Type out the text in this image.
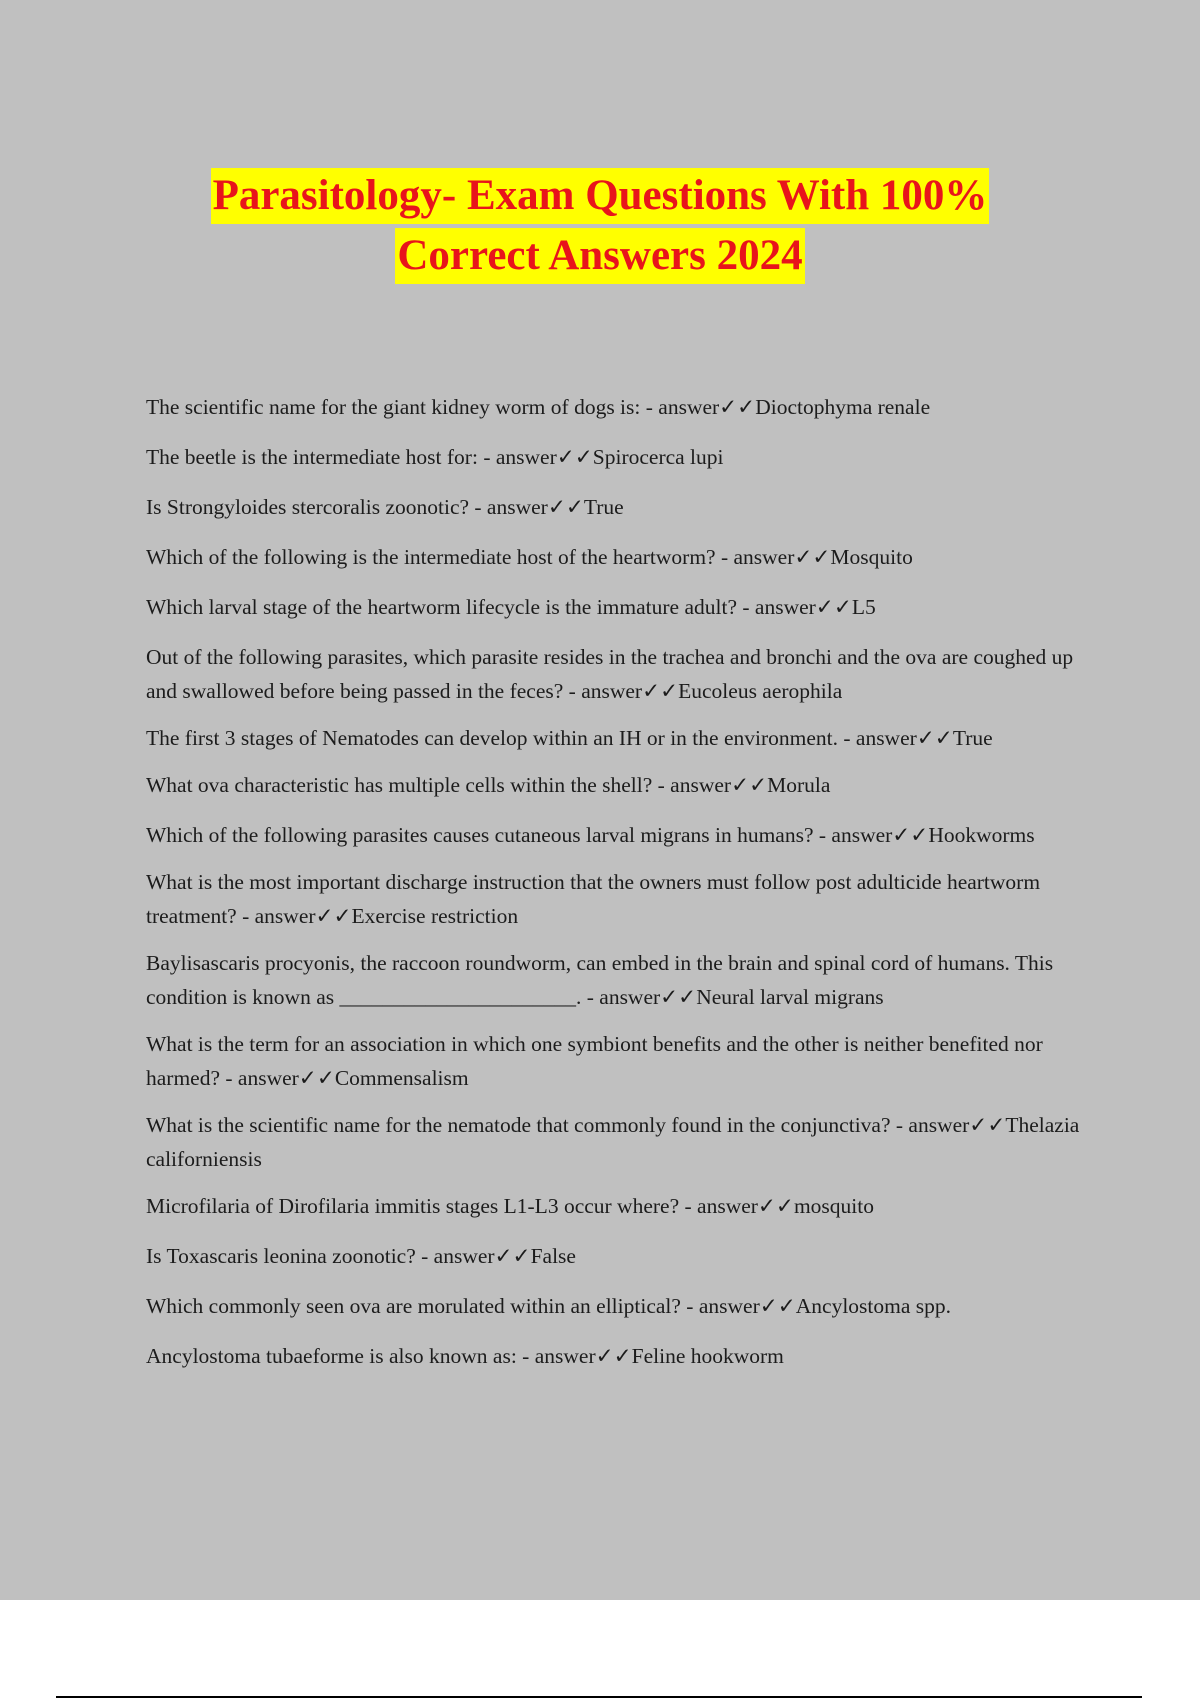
Parasitology- Exam Questions With 100%
Correct Answers 2024
The scientific name for the giant kidney worm of dogs is: - answer✓✓Dioctophyma renale
The beetle is the intermediate host for: - answer✓✓Spirocerca lupi
Is Strongyloides stercoralis zoonotic? - answer✓✓True
Which of the following is the intermediate host of the heartworm? - answer✓✓Mosquito
Which larval stage of the heartworm lifecycle is the immature adult? - answer✓✓L5
Out of the following parasites, which parasite resides in the trachea and bronchi and the ova are coughed up and swallowed before being passed in the feces? - answer✓✓Eucoleus aerophila
The first 3 stages of Nematodes can develop within an IH or in the environment. - answer✓✓True
What ova characteristic has multiple cells within the shell? - answer✓✓Morula
Which of the following parasites causes cutaneous larval migrans in humans? - answer✓✓Hookworms
What is the most important discharge instruction that the owners must follow post adulticide heartworm treatment? - answer✓✓Exercise restriction
Baylisascaris procyonis, the raccoon roundworm, can embed in the brain and spinal cord of humans. This condition is known as ______________________. - answer✓✓Neural larval migrans
What is the term for an association in which one symbiont benefits and the other is neither benefited nor harmed? - answer✓✓Commensalism
What is the scientific name for the nematode that commonly found in the conjunctiva? - answer✓✓Thelazia californiensis
Microfilaria of Dirofilaria immitis stages L1-L3 occur where? - answer✓✓mosquito
Is Toxascaris leonina zoonotic? - answer✓✓False
Which commonly seen ova are morulated within an elliptical? - answer✓✓Ancylostoma spp.
Ancylostoma tubaeforme is also known as: - answer✓✓Feline hookworm
